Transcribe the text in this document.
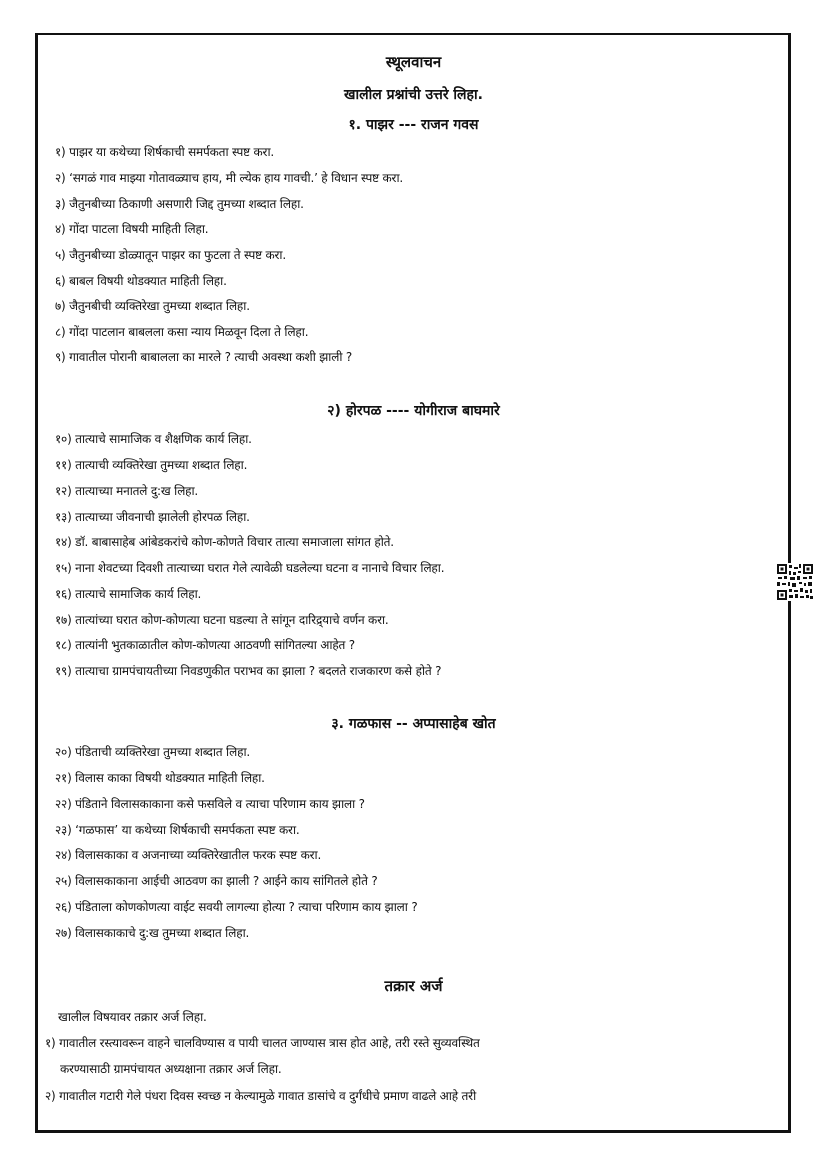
स्थूलवाचन
खालील प्रश्नांची उत्तरे लिहा.
१. पाझर --- राजन गवस
१) पाझर या कथेच्या शिर्षकाची समर्पकता स्पष्ट करा.
२) ‘सगळं गाव माझ्या गोतावळ्याच हाय, मी ल्येक हाय गावची.’ हे विधान स्पष्ट करा.
३) जैतुनबीच्या ठिकाणी असणारी जिद्द तुमच्या शब्दात लिहा.
४) गोंदा पाटला विषयी माहिती लिहा.
५) जैतुनबीच्या डोळ्यातून पाझर का फुटला ते स्पष्ट करा.
६) बाबल विषयी थोडक्यात माहिती लिहा.
७) जैतुनबीची व्यक्तिरेखा तुमच्या शब्दात लिहा.
८) गोंदा पाटलान बाबलला कसा न्याय मिळवून दिला ते लिहा.
९) गावातील पोरानी बाबालला का मारले ? त्याची अवस्था कशी झाली ?
२) होरपळ ---- योगीराज बाघमारे
१०) तात्याचे सामाजिक व शैक्षणिक कार्य लिहा.
११) तात्याची व्यक्तिरेखा तुमच्या शब्दात लिहा.
१२) तात्याच्या मनातले दु:ख लिहा.
१३) तात्याच्या जीवनाची झालेली होरपळ लिहा.
१४) डॉ. बाबासाहेब आंबेडकरांचे कोण-कोणते विचार तात्या समाजाला सांगत होते.
१५) नाना शेवटच्या दिवशी तात्याच्या घरात गेले त्यावेळी घडलेल्या घटना व नानाचे विचार लिहा.
१६) तात्याचे सामाजिक कार्य लिहा.
१७) तात्यांच्या घरात कोण-कोणत्या घटना घडल्या ते सांगून दारिद्र्याचे वर्णन करा.
१८) तात्यांनी भुतकाळातील कोण-कोणत्या आठवणी सांगितल्या आहेत ?
१९) तात्याचा ग्रामपंचायतीच्या निवडणुकीत पराभव का झाला ? बदलते राजकारण कसे होते ?
३. गळफास -- अप्पासाहेब खोत
२०) पंडिताची व्यक्तिरेखा तुमच्या शब्दात लिहा.
२१) विलास काका विषयी थोडक्यात माहिती लिहा.
२२) पंडिताने विलासकाकाना कसे फसविले व त्याचा परिणाम काय झाला ?
२३) ‘गळफास’ या कथेच्या शिर्षकाची समर्पकता स्पष्ट करा.
२४) विलासकाका व अजनाच्या व्यक्तिरेखातील फरक स्पष्ट करा.
२५) विलासकाकाना आईची आठवण का झाली ? आईने काय सांगितले होते ?
२६) पंडिताला कोणकोणत्या वाईट सवयी लागल्या होत्या ? त्याचा परिणाम काय झाला ?
२७) विलासकाकाचे दु:ख तुमच्या शब्दात लिहा.
तक्रार अर्ज
खालील विषयावर तक्रार अर्ज लिहा.
१) गावातील रस्त्यावरून वाहने चालविण्यास व पायी चालत जाण्यास त्रास होत आहे, तरी रस्ते सुव्यवस्थित
करण्यासाठी ग्रामपंचायत अध्यक्षाना तक्रार अर्ज लिहा.
२) गावातील गटारी गेले पंधरा दिवस स्वच्छ न केल्यामुळे गावात डासांचे व दुर्गंधीचे प्रमाण वाढले आहे तरी
